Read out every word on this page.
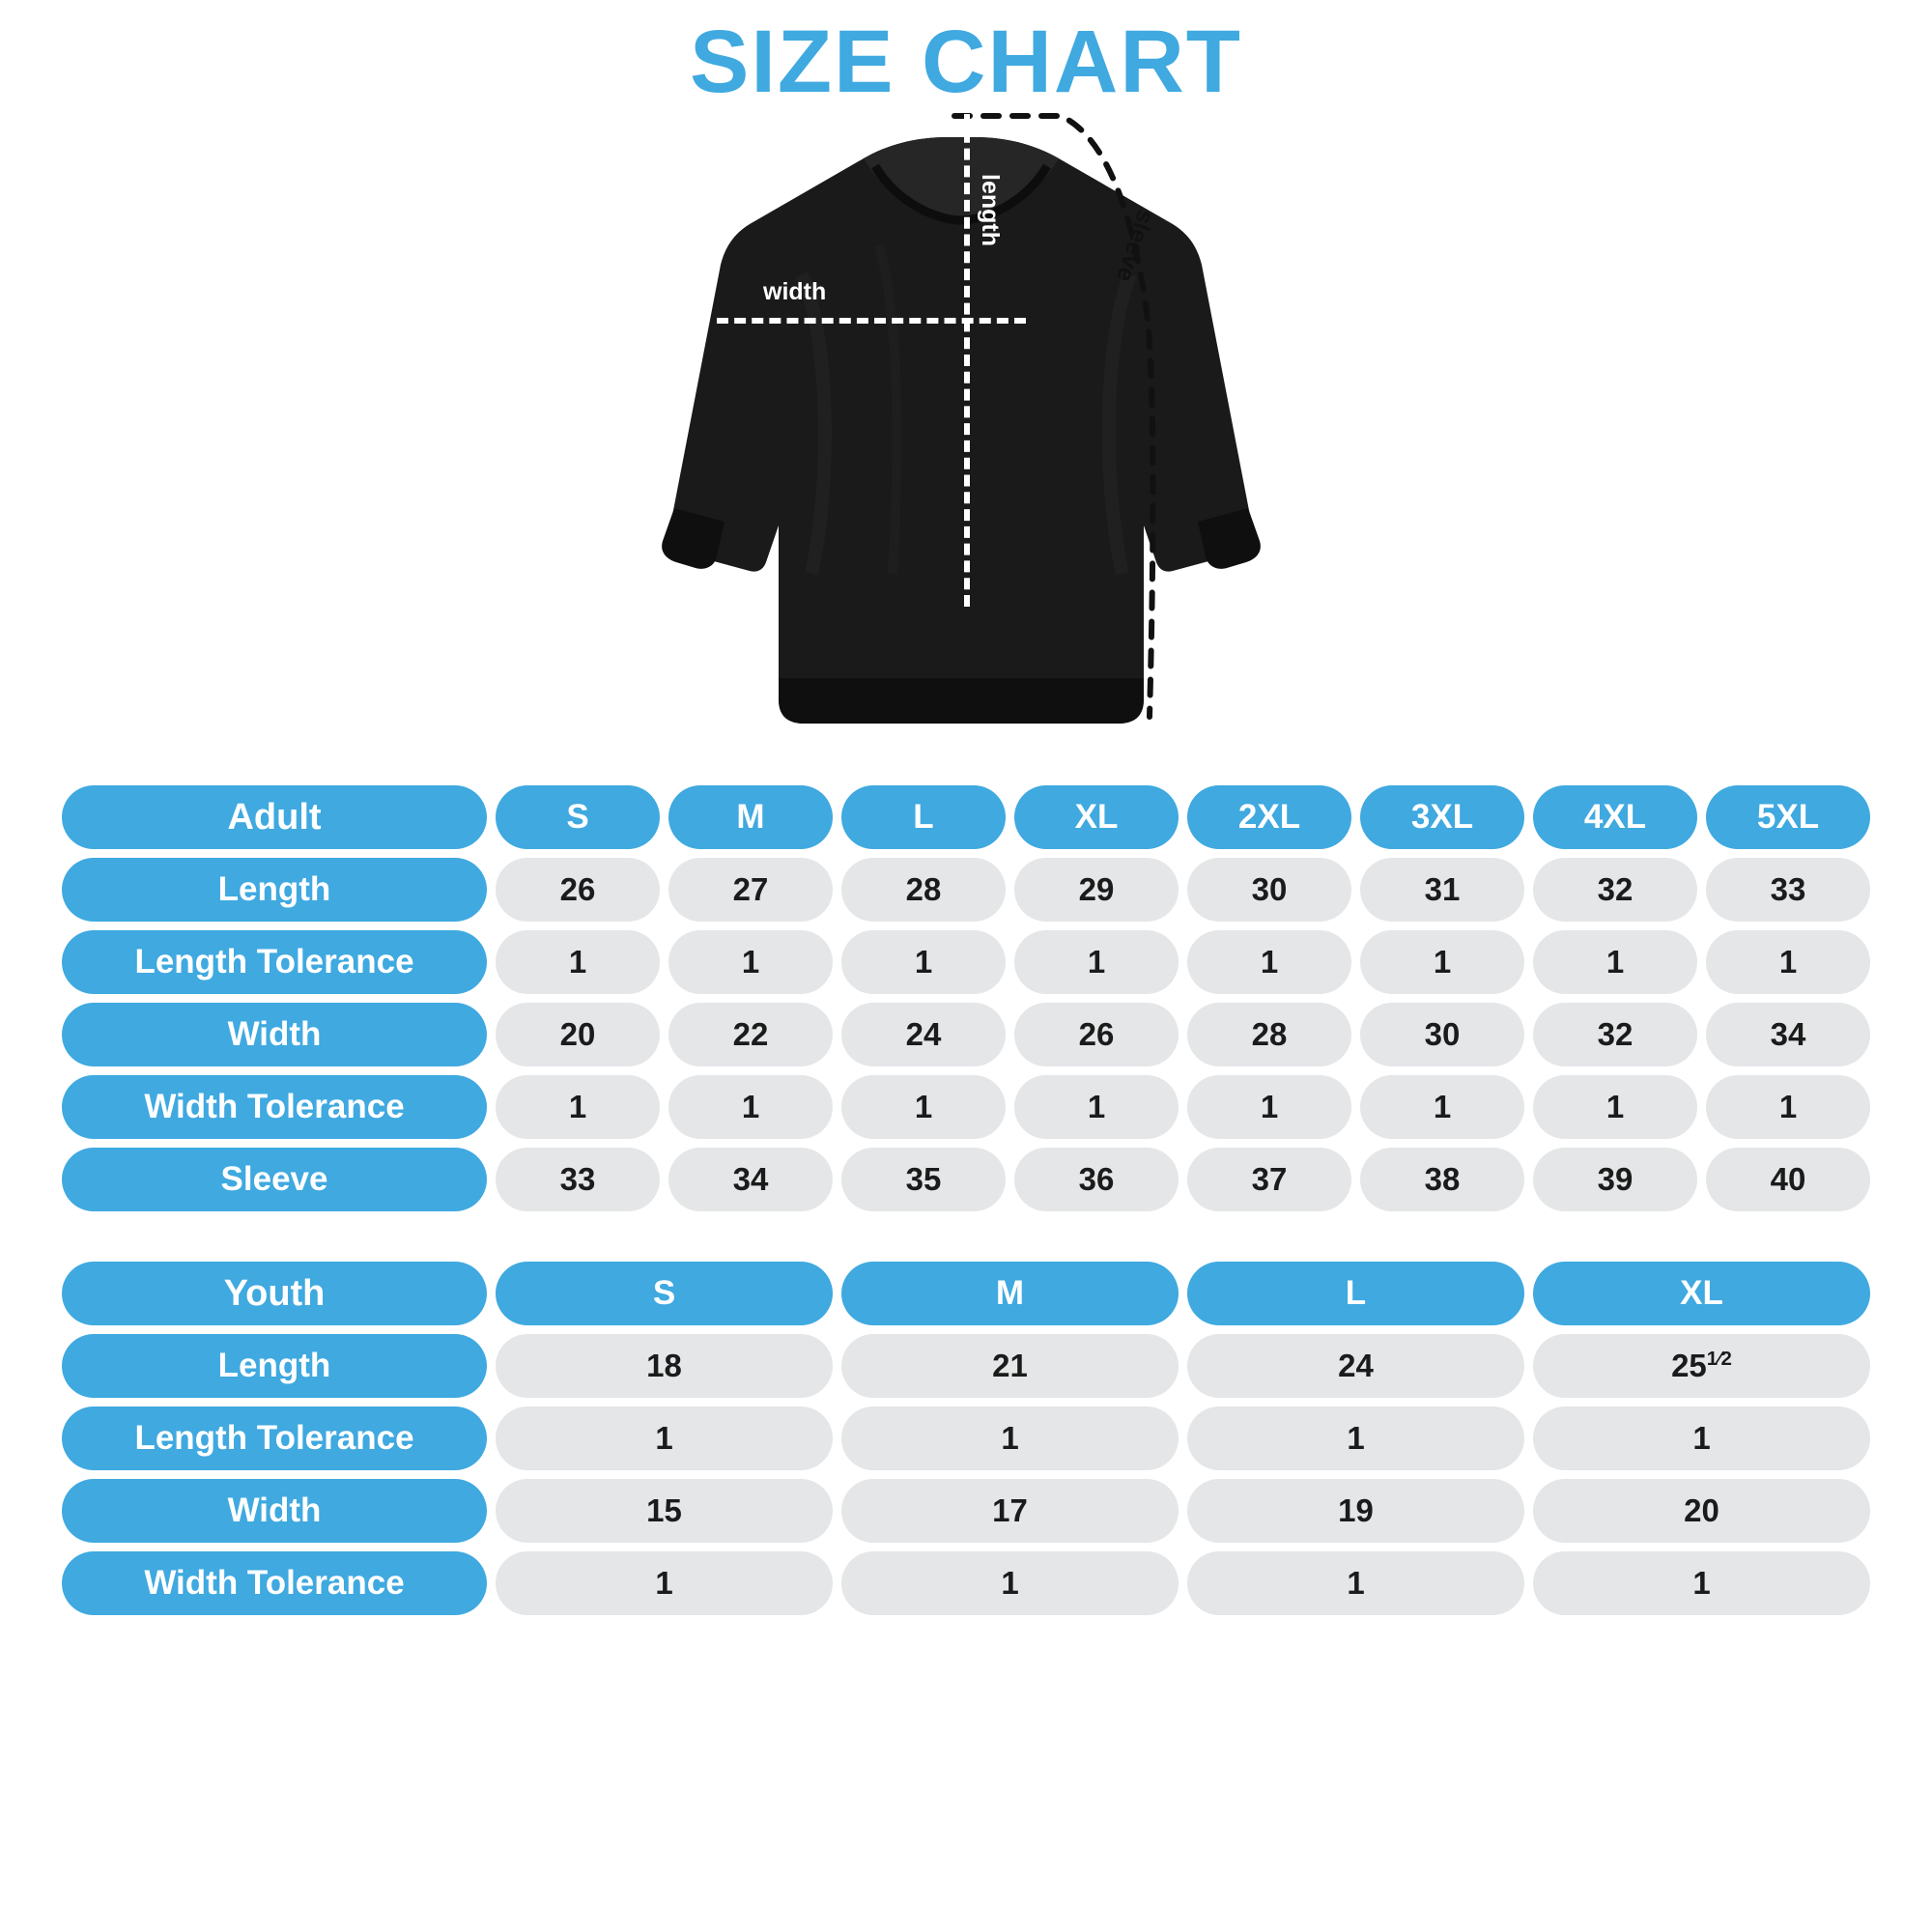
SIZE CHART
width
length	sleeve
Adult	S	M	L	XL	2XL	3XL	4XL	5XL
Length	26	27	28	29	30	31	32	33
Length Tolerance	1	1	1	1	1	1	1	1
Width	20	22	24	26	28	30	32	34
Width Tolerance	1	1	1	1	1	1	1	1
Sleeve	33	34	35	36	37	38	39	40
Youth	S	M	L	XL
Length	18	21	24	$25^{1⁄2}$
Length Tolerance	1	1	1	1
Width	15	17	19	20
Width Tolerance	1	1	1	1
